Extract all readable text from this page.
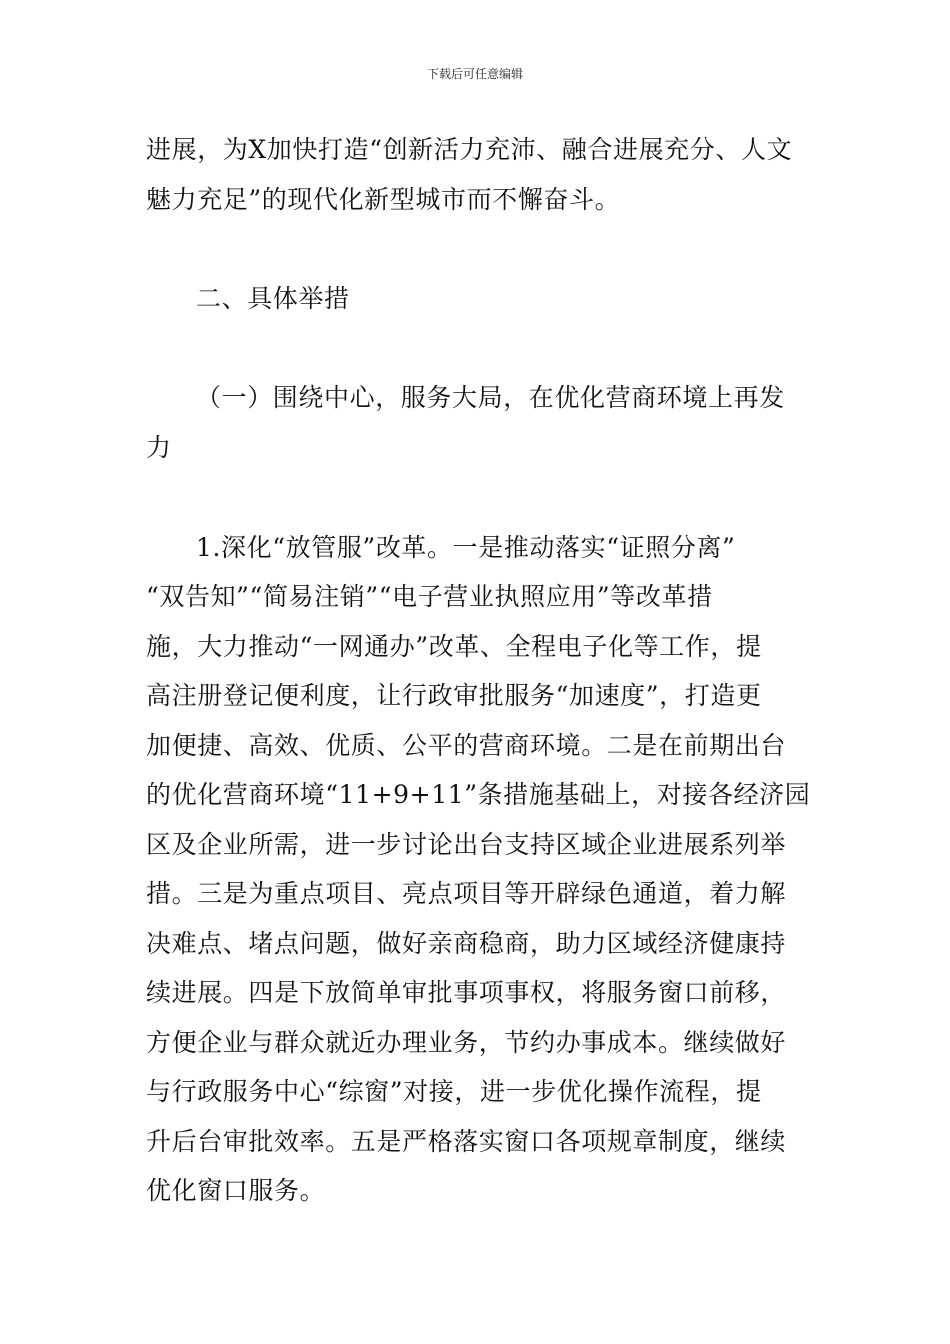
下载后可任意编辑

进展，为X加快打造“创新活力充沛、融合进展充分、人文

魅力充足”的现代化新型城市而不懈奋斗。

二、具体举措

（一）围绕中心，服务大局，在优化营商环境上再发

力

1.深化“放管服”改革。一是推动落实“证照分离”

“双告知”“简易注销”“电子营业执照应用”等改革措

施，大力推动“一网通办”改革、全程电子化等工作，提

高注册登记便利度，让行政审批服务“加速度”，打造更

加便捷、高效、优质、公平的营商环境。二是在前期出台

的优化营商环境“11+9+11”条措施基础上，对接各经济园

区及企业所需，进一步讨论出台支持区域企业进展系列举

措。三是为重点项目、亮点项目等开辟绿色通道，着力解

决难点、堵点问题，做好亲商稳商，助力区域经济健康持

续进展。四是下放简单审批事项事权，将服务窗口前移，

方便企业与群众就近办理业务，节约办事成本。继续做好

与行政服务中心“综窗”对接，进一步优化操作流程，提

升后台审批效率。五是严格落实窗口各项规章制度，继续

优化窗口服务。
